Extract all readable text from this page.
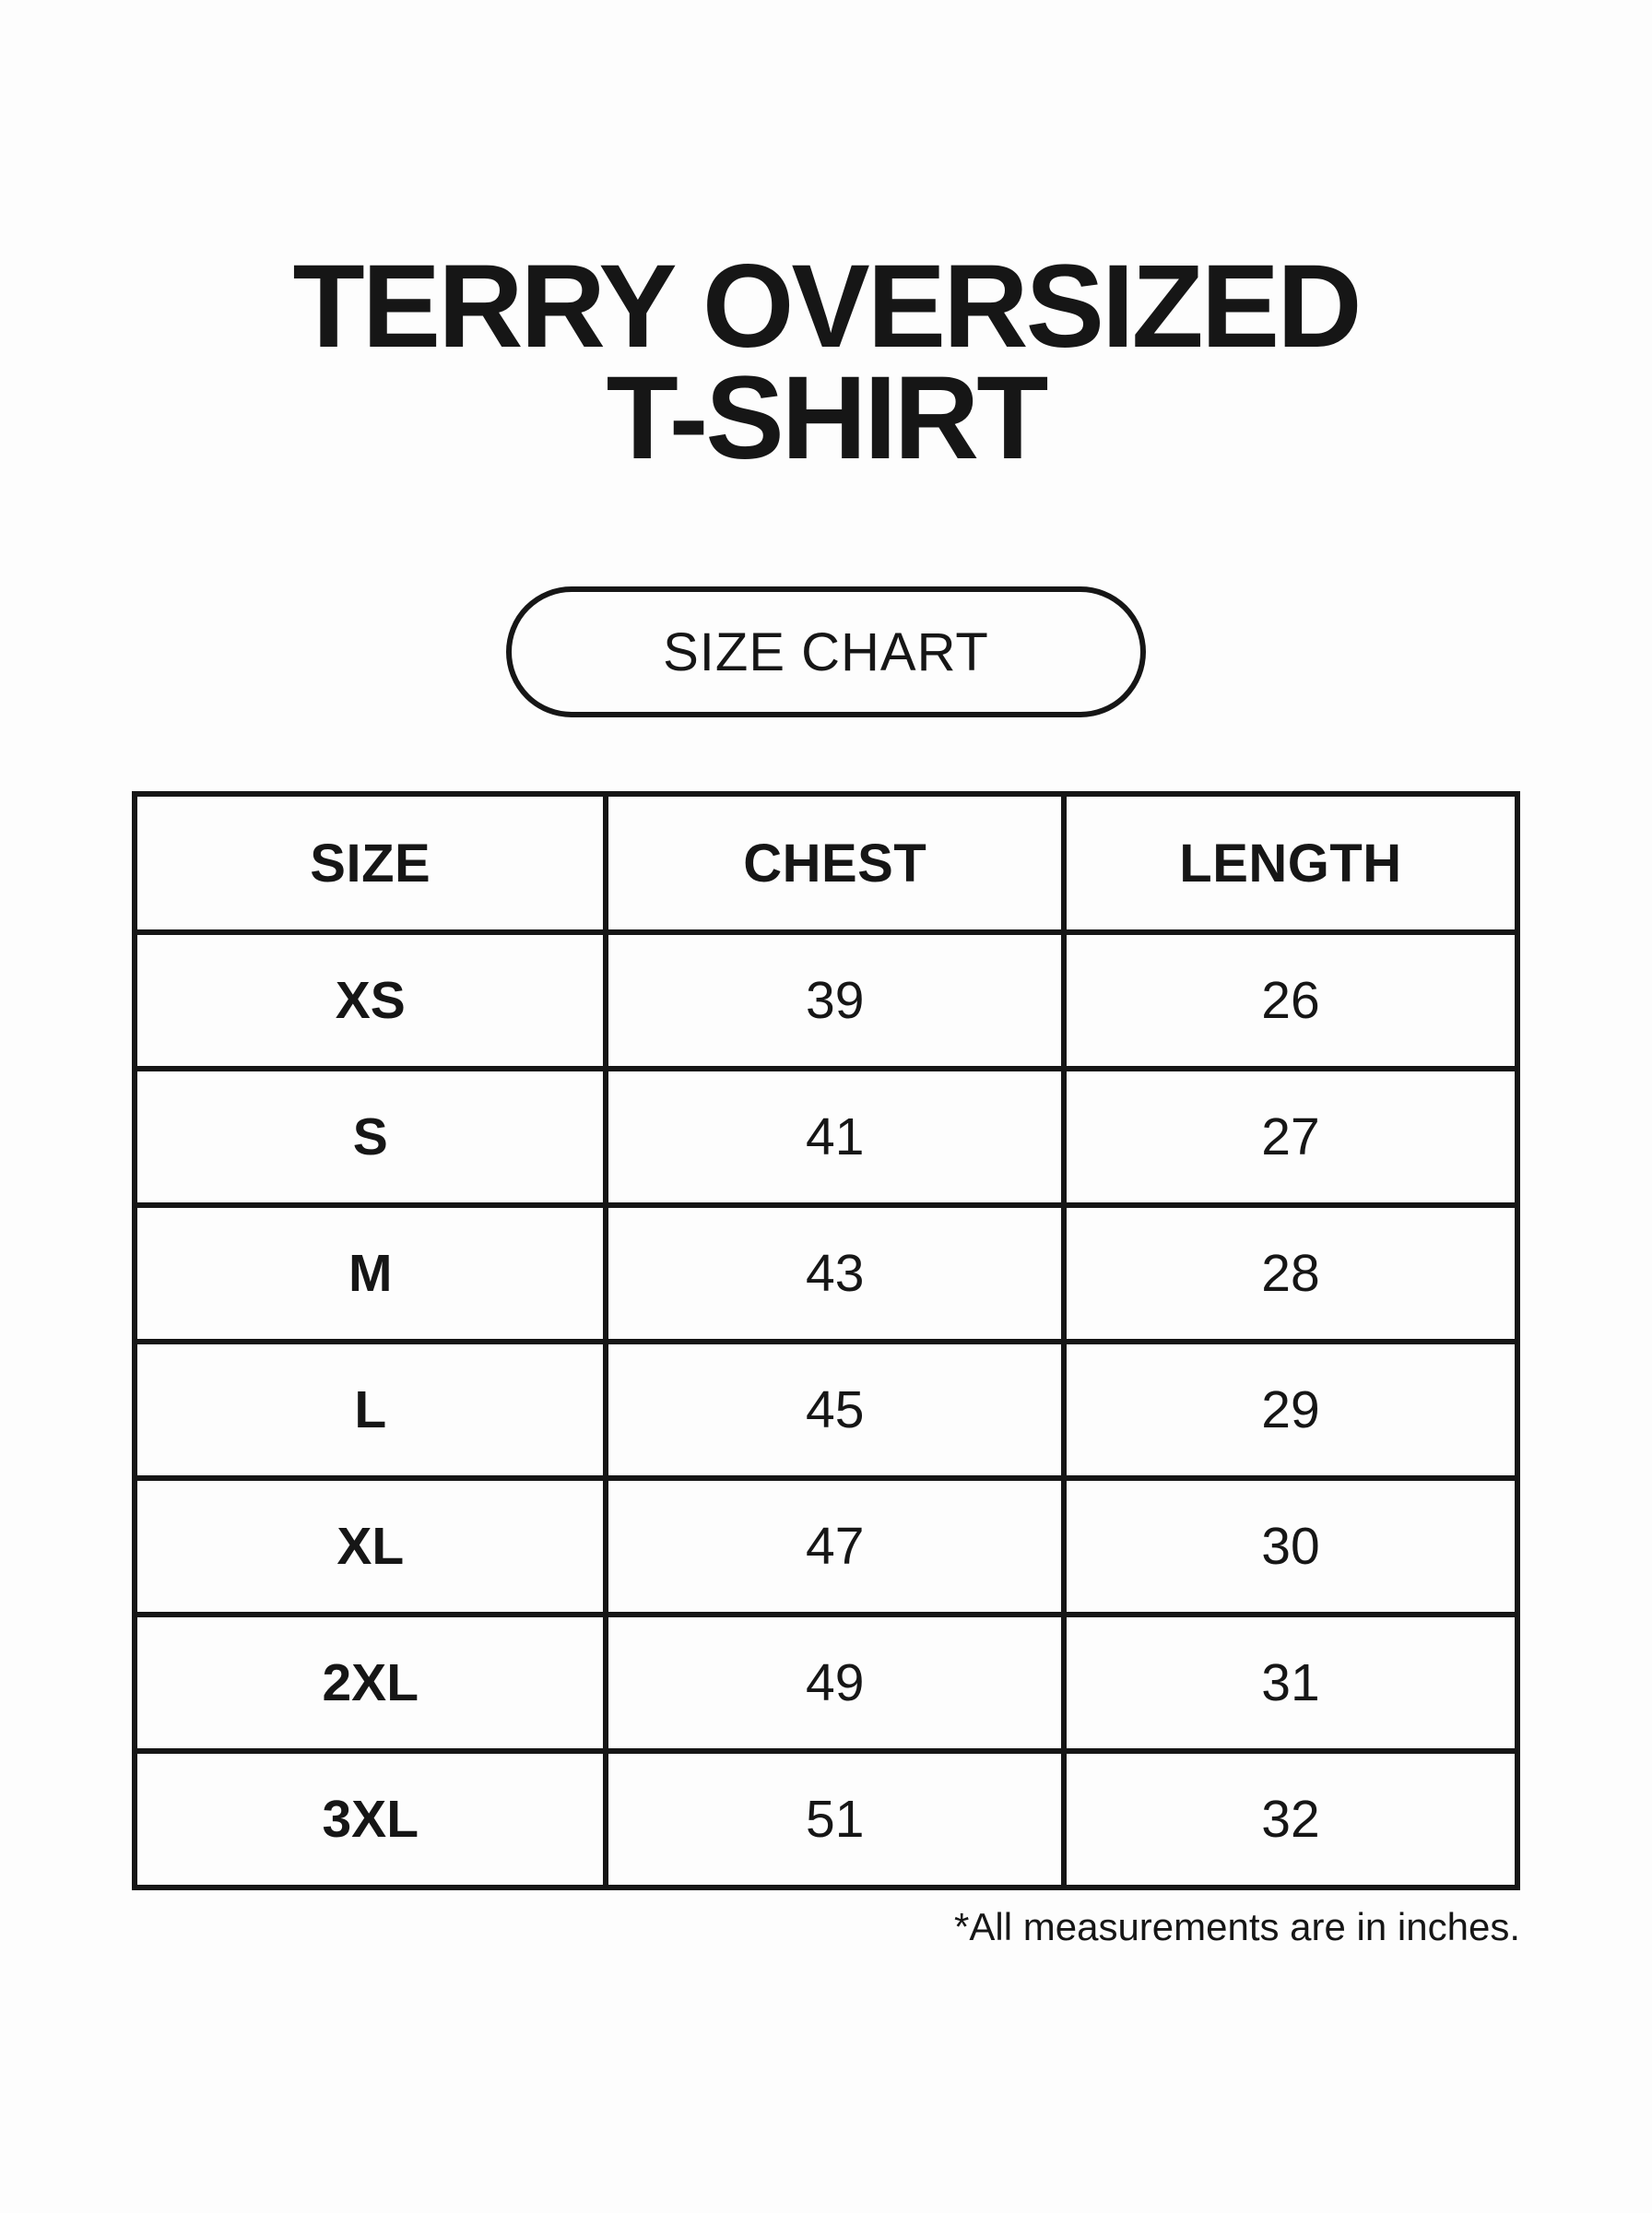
TERRY OVERSIZED
T-SHIRT
SIZE CHART
SIZE	CHEST	LENGTH
XS	39	26
S	41	27
M	43	28
L	45	29
XL	47	30
2XL	49	31
3XL	51	32
*All measurements are in inches.
